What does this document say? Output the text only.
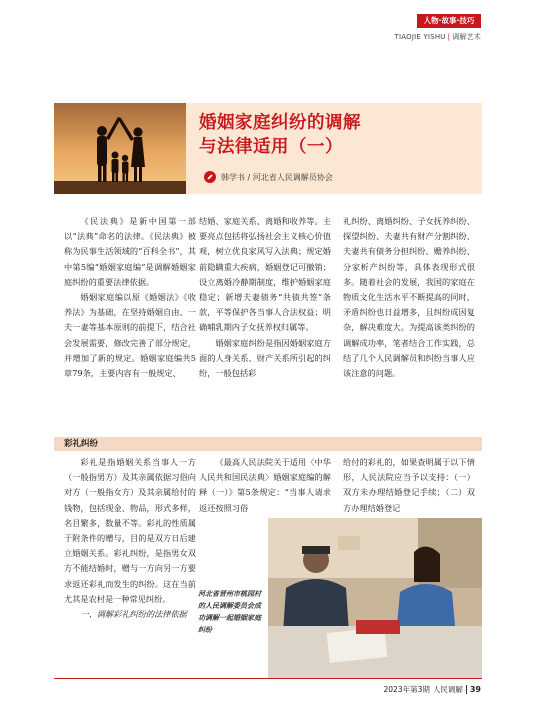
人物·故事·技巧
TIAOJIE YISHU | 调解艺术
婚姻家庭纠纷的调解
与法律适用（一）
韩学书 / 河北省人民调解员协会

《民法典》是新中国第一部以“法典”命名的法律。《民法典》被称为民事生活领域的“百科全书”，其中第5编“婚姻家庭编”是调解婚姻家庭纠纷的重要法律依据。

婚姻家庭编以原《婚姻法》《收养法》为基础，在坚持婚姻自由、一夫一妻等基本原则的前提下，结合社会发展需要，修改完善了部分规定，并增加了新的规定。婚姻家庭编共5章79条，主要内容有一般规定、

结婚、家庭关系、离婚和收养等。主要亮点包括将弘扬社会主义核心价值观，树立优良家风写入法典；规定婚前隐瞒重大疾病，婚姻登记可撤销；设立离婚冷静期制度，维护婚姻家庭稳定；新增夫妻债务“共债共签”条款，平等保护各当事人合法权益；明确哺乳期内子女抚养权归属等。

婚姻家庭纠纷是指因婚姻家庭方面的人身关系、财产关系所引起的纠纷，一般包括彩

礼纠纷、离婚纠纷、子女抚养纠纷、探望纠纷、夫妻共有财产分割纠纷、夫妻共有债务分担纠纷、赡养纠纷、分家析产纠纷等，具体表现形式很多。随着社会的发展，我国的家庭在物质文化生活水平不断提高的同时，矛盾纠纷也日益增多，且纠纷成因复杂，解决难度大。为提高该类纠纷的调解成功率，笔者结合工作实践，总结了几个人民调解员和纠纷当事人应该注意的问题。

彩礼纠纷

彩礼是指婚姻关系当事人一方（一般指男方）及其亲属依据习俗向对方（一般指女方）及其亲属给付的钱物，包括现金、物品，形式多样，名目繁多，数量不等。彩礼的性质属于附条件的赠与，目的是双方日后建立婚姻关系。彩礼纠纷，是指男女双方不能结婚时，赠与一方向另一方要求返还彩礼而发生的纠纷。这在当前尤其是农村是一种常见纠纷。

一、调解彩礼纠纷的法律依据

《最高人民法院关于适用〈中华人民共和国民法典〉婚姻家庭编的解释（一）》第5条规定：“当事人请求返还按照习俗

给付的彩礼的，如果查明属于以下情形，人民法院应当予以支持：（一）双方未办理结婚登记手续；（二）双方办理结婚登记

河北省晋州市桃园村的人民调解委员会成功调解一起婚姻家庭纠纷
2023年第3期 人民调解 39
